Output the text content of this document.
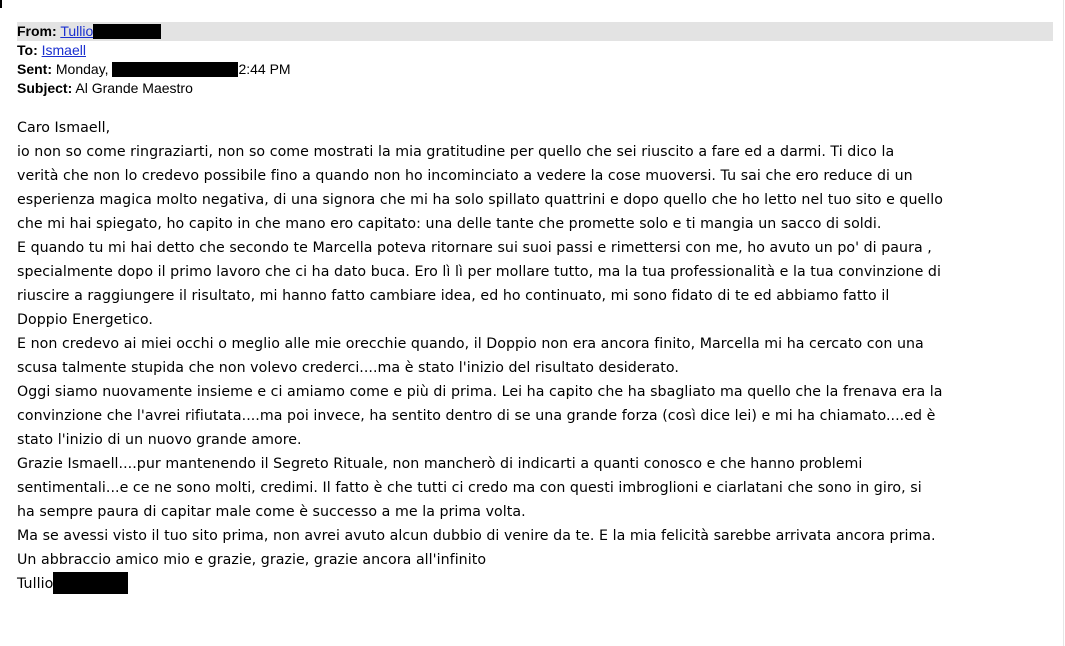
From: Tullio
To: Ismaell
Sent: Monday,	2:44 PM
Subject: Al Grande Maestro

Caro Ismaell,

io non so come ringraziarti, non so come mostrati la mia gratitudine per quello che sei riuscito a fare ed a darmi. Ti dico la

verità che non lo credevo possibile fino a quando non ho incominciato a vedere la cose muoversi. Tu sai che ero reduce di un

esperienza magica molto negativa, di una signora che mi ha solo spillato quattrini e dopo quello che ho letto nel tuo sito e quello

che mi hai spiegato, ho capito in che mano ero capitato: una delle tante che promette solo e ti mangia un sacco di soldi.

E quando tu mi hai detto che secondo te Marcella poteva ritornare sui suoi passi e rimettersi con me, ho avuto un po' di paura ,

specialmente dopo il primo lavoro che ci ha dato buca. Ero lì lì per mollare tutto, ma la tua professionalità e la tua convinzione di

riuscire a raggiungere il risultato, mi hanno fatto cambiare idea, ed ho continuato, mi sono fidato di te ed abbiamo fatto il

Doppio Energetico.

E non credevo ai miei occhi o meglio alle mie orecchie quando, il Doppio non era ancora finito, Marcella mi ha cercato con una

scusa talmente stupida che non volevo crederci....ma è stato l'inizio del risultato desiderato.

Oggi siamo nuovamente insieme e ci amiamo come e più di prima. Lei ha capito che ha sbagliato ma quello che la frenava era la

convinzione che l'avrei rifiutata....ma poi invece, ha sentito dentro di se una grande forza (così dice lei) e mi ha chiamato....ed è

stato l'inizio di un nuovo grande amore.

Grazie Ismaell....pur mantenendo il Segreto Rituale, non mancherò di indicarti a quanti conosco e che hanno problemi

sentimentali...e ce ne sono molti, credimi. Il fatto è che tutti ci credo ma con questi imbroglioni e ciarlatani che sono in giro, si

ha sempre paura di capitar male come è successo a me la prima volta.

Ma se avessi visto il tuo sito prima, non avrei avuto alcun dubbio di venire da te. E la mia felicità sarebbe arrivata ancora prima.

Un abbraccio amico mio e grazie, grazie, grazie ancora all'infinito

Tullio
